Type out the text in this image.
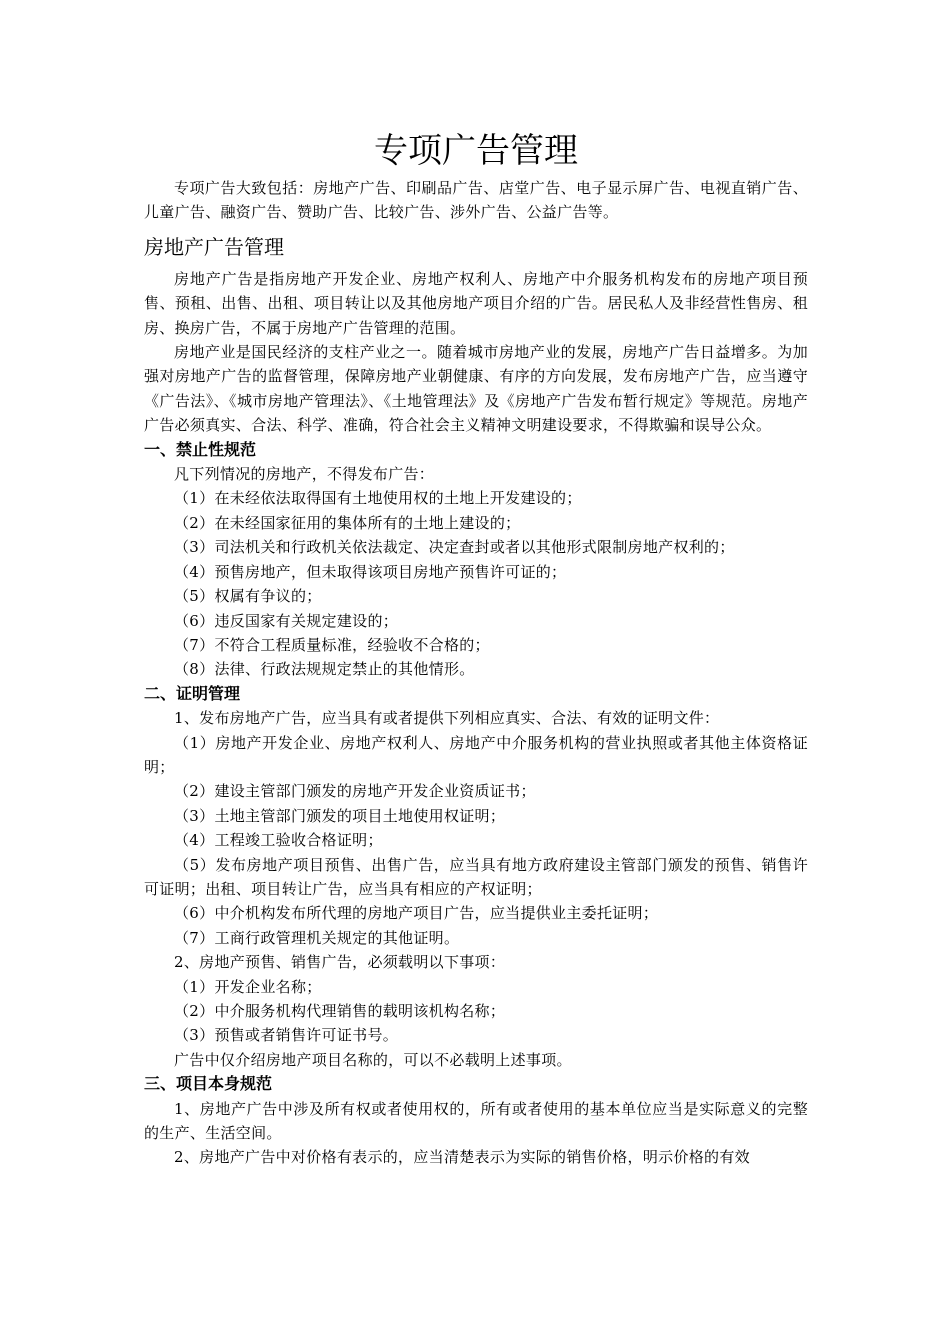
专项广告管理

专项广告大致包括：房地产广告、印刷品广告、店堂广告、电子显示屏广告、电视直销广告、儿童广告、融资广告、赞助广告、比较广告、涉外广告、公益广告等。

房地产广告管理

房地产广告是指房地产开发企业、房地产权利人、房地产中介服务机构发布的房地产项目预售、预租、出售、出租、项目转让以及其他房地产项目介绍的广告。居民私人及非经营性售房、租房、换房广告，不属于房地产广告管理的范围。

房地产业是国民经济的支柱产业之一。随着城市房地产业的发展，房地产广告日益增多。为加强对房地产广告的监督管理，保障房地产业朝健康、有序的方向发展，发布房地产广告，应当遵守《广告法》、《城市房地产管理法》、《土地管理法》及《房地产广告发布暂行规定》等规范。房地产广告必须真实、合法、科学、准确，符合社会主义精神文明建设要求，不得欺骗和误导公众。

一、禁止性规范

凡下列情况的房地产，不得发布广告：

（1）在未经依法取得国有土地使用权的土地上开发建设的；

（2）在未经国家征用的集体所有的土地上建设的；

（3）司法机关和行政机关依法裁定、决定查封或者以其他形式限制房地产权利的；

（4）预售房地产，但未取得该项目房地产预售许可证的；

（5）权属有争议的；

（6）违反国家有关规定建设的；

（7）不符合工程质量标准，经验收不合格的；

（8）法律、行政法规规定禁止的其他情形。

二、证明管理

1、发布房地产广告，应当具有或者提供下列相应真实、合法、有效的证明文件：

（1）房地产开发企业、房地产权利人、房地产中介服务机构的营业执照或者其他主体资格证明；

（2）建设主管部门颁发的房地产开发企业资质证书；

（3）土地主管部门颁发的项目土地使用权证明；

（4）工程竣工验收合格证明；

（5）发布房地产项目预售、出售广告，应当具有地方政府建设主管部门颁发的预售、销售许可证明；出租、项目转让广告，应当具有相应的产权证明；

（6）中介机构发布所代理的房地产项目广告，应当提供业主委托证明；

（7）工商行政管理机关规定的其他证明。

2、房地产预售、销售广告，必须载明以下事项：

（1）开发企业名称；

（2）中介服务机构代理销售的载明该机构名称；

（3）预售或者销售许可证书号。

广告中仅介绍房地产项目名称的，可以不必载明上述事项。

三、项目本身规范

1、房地产广告中涉及所有权或者使用权的，所有或者使用的基本单位应当是实际意义的完整的生产、生活空间。

2、房地产广告中对价格有表示的，应当清楚表示为实际的销售价格，明示价格的有效
